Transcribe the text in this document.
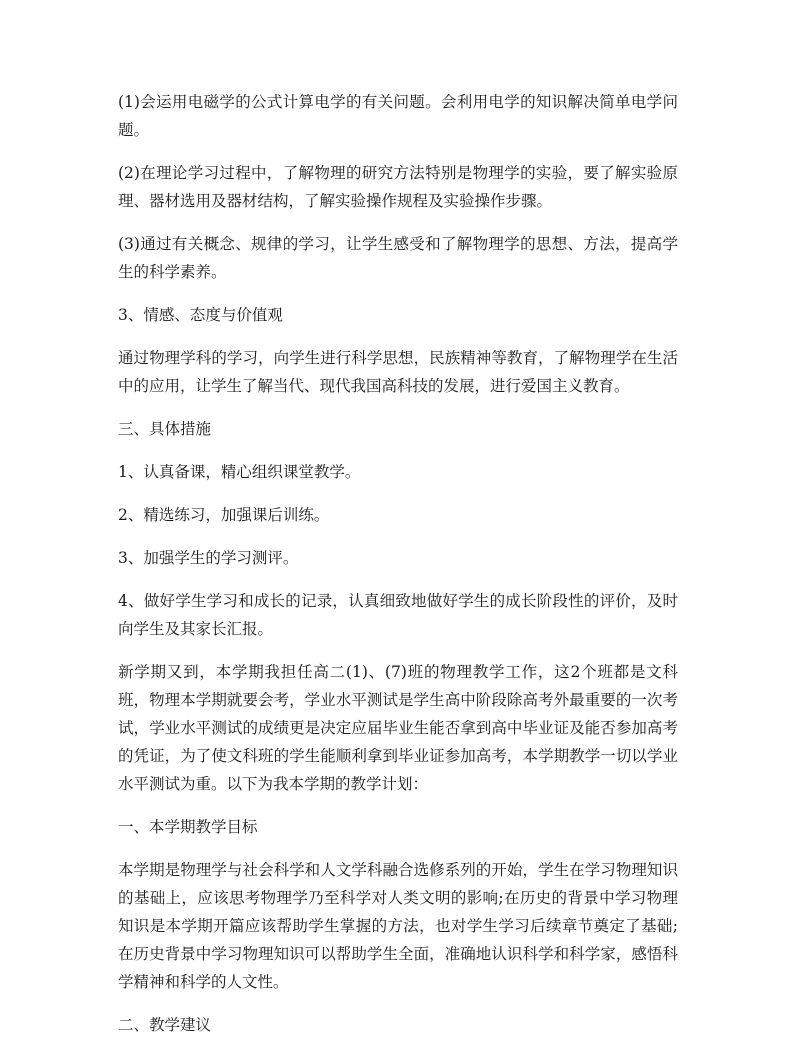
(1)会运用电磁学的公式计算电学的有关问题。会利用电学的知识解决简单电学问题。

(2)在理论学习过程中，了解物理的研究方法特别是物理学的实验，要了解实验原理、器材选用及器材结构，了解实验操作规程及实验操作步骤。

(3)通过有关概念、规律的学习，让学生感受和了解物理学的思想、方法，提高学生的科学素养。

3、情感、态度与价值观

通过物理学科的学习，向学生进行科学思想，民族精神等教育，了解物理学在生活中的应用，让学生了解当代、现代我国高科技的发展，进行爱国主义教育。

三、具体措施

1、认真备课，精心组织课堂教学。

2、精选练习，加强课后训练。

3、加强学生的学习测评。

4、做好学生学习和成长的记录，认真细致地做好学生的成长阶段性的评价，及时向学生及其家长汇报。

新学期又到，本学期我担任高二(1)、(7)班的物理教学工作，这2个班都是文科班，物理本学期就要会考，学业水平测试是学生高中阶段除高考外最重要的一次考试，学业水平测试的成绩更是决定应届毕业生能否拿到高中毕业证及能否参加高考的凭证，为了使文科班的学生能顺利拿到毕业证参加高考，本学期教学一切以学业水平测试为重。以下为我本学期的教学计划：

一、本学期教学目标

本学期是物理学与社会科学和人文学科融合选修系列的开始，学生在学习物理知识的基础上，应该思考物理学乃至科学对人类文明的影响;在历史的背景中学习物理知识是本学期开篇应该帮助学生掌握的方法，也对学生学习后续章节奠定了基础;在历史背景中学习物理知识可以帮助学生全面，准确地认识科学和科学家，感悟科学精神和科学的人文性。

二、教学建议
